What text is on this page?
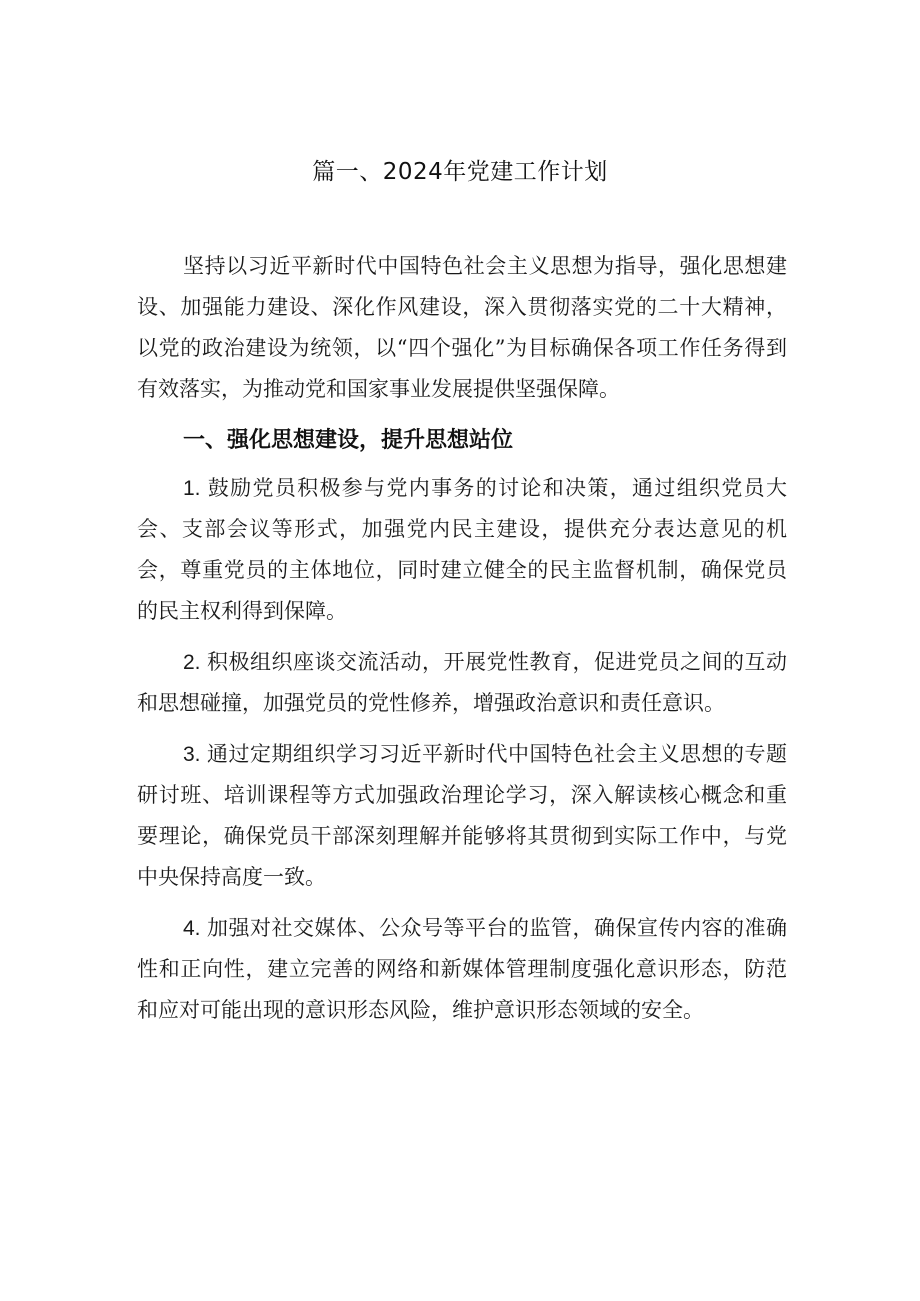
篇一、2024年党建工作计划

坚持以习近平新时代中国特色社会主义思想为指导，强化思想建设、加强能力建设、深化作风建设，深入贯彻落实党的二十大精神，以党的政治建设为统领，以“四个强化”为目标确保各项工作任务得到有效落实，为推动党和国家事业发展提供坚强保障。

一、强化思想建设，提升思想站位

1. 鼓励党员积极参与党内事务的讨论和决策，通过组织党员大会、支部会议等形式，加强党内民主建设，提供充分表达意见的机会，尊重党员的主体地位，同时建立健全的民主监督机制，确保党员的民主权利得到保障。

2. 积极组织座谈交流活动，开展党性教育，促进党员之间的互动和思想碰撞，加强党员的党性修养，增强政治意识和责任意识。

3. 通过定期组织学习习近平新时代中国特色社会主义思想的专题研讨班、培训课程等方式加强政治理论学习，深入解读核心概念和重要理论，确保党员干部深刻理解并能够将其贯彻到实际工作中，与党中央保持高度一致。

4. 加强对社交媒体、公众号等平台的监管，确保宣传内容的准确性和正向性，建立完善的网络和新媒体管理制度强化意识形态，防范和应对可能出现的意识形态风险，维护意识形态领域的安全。
